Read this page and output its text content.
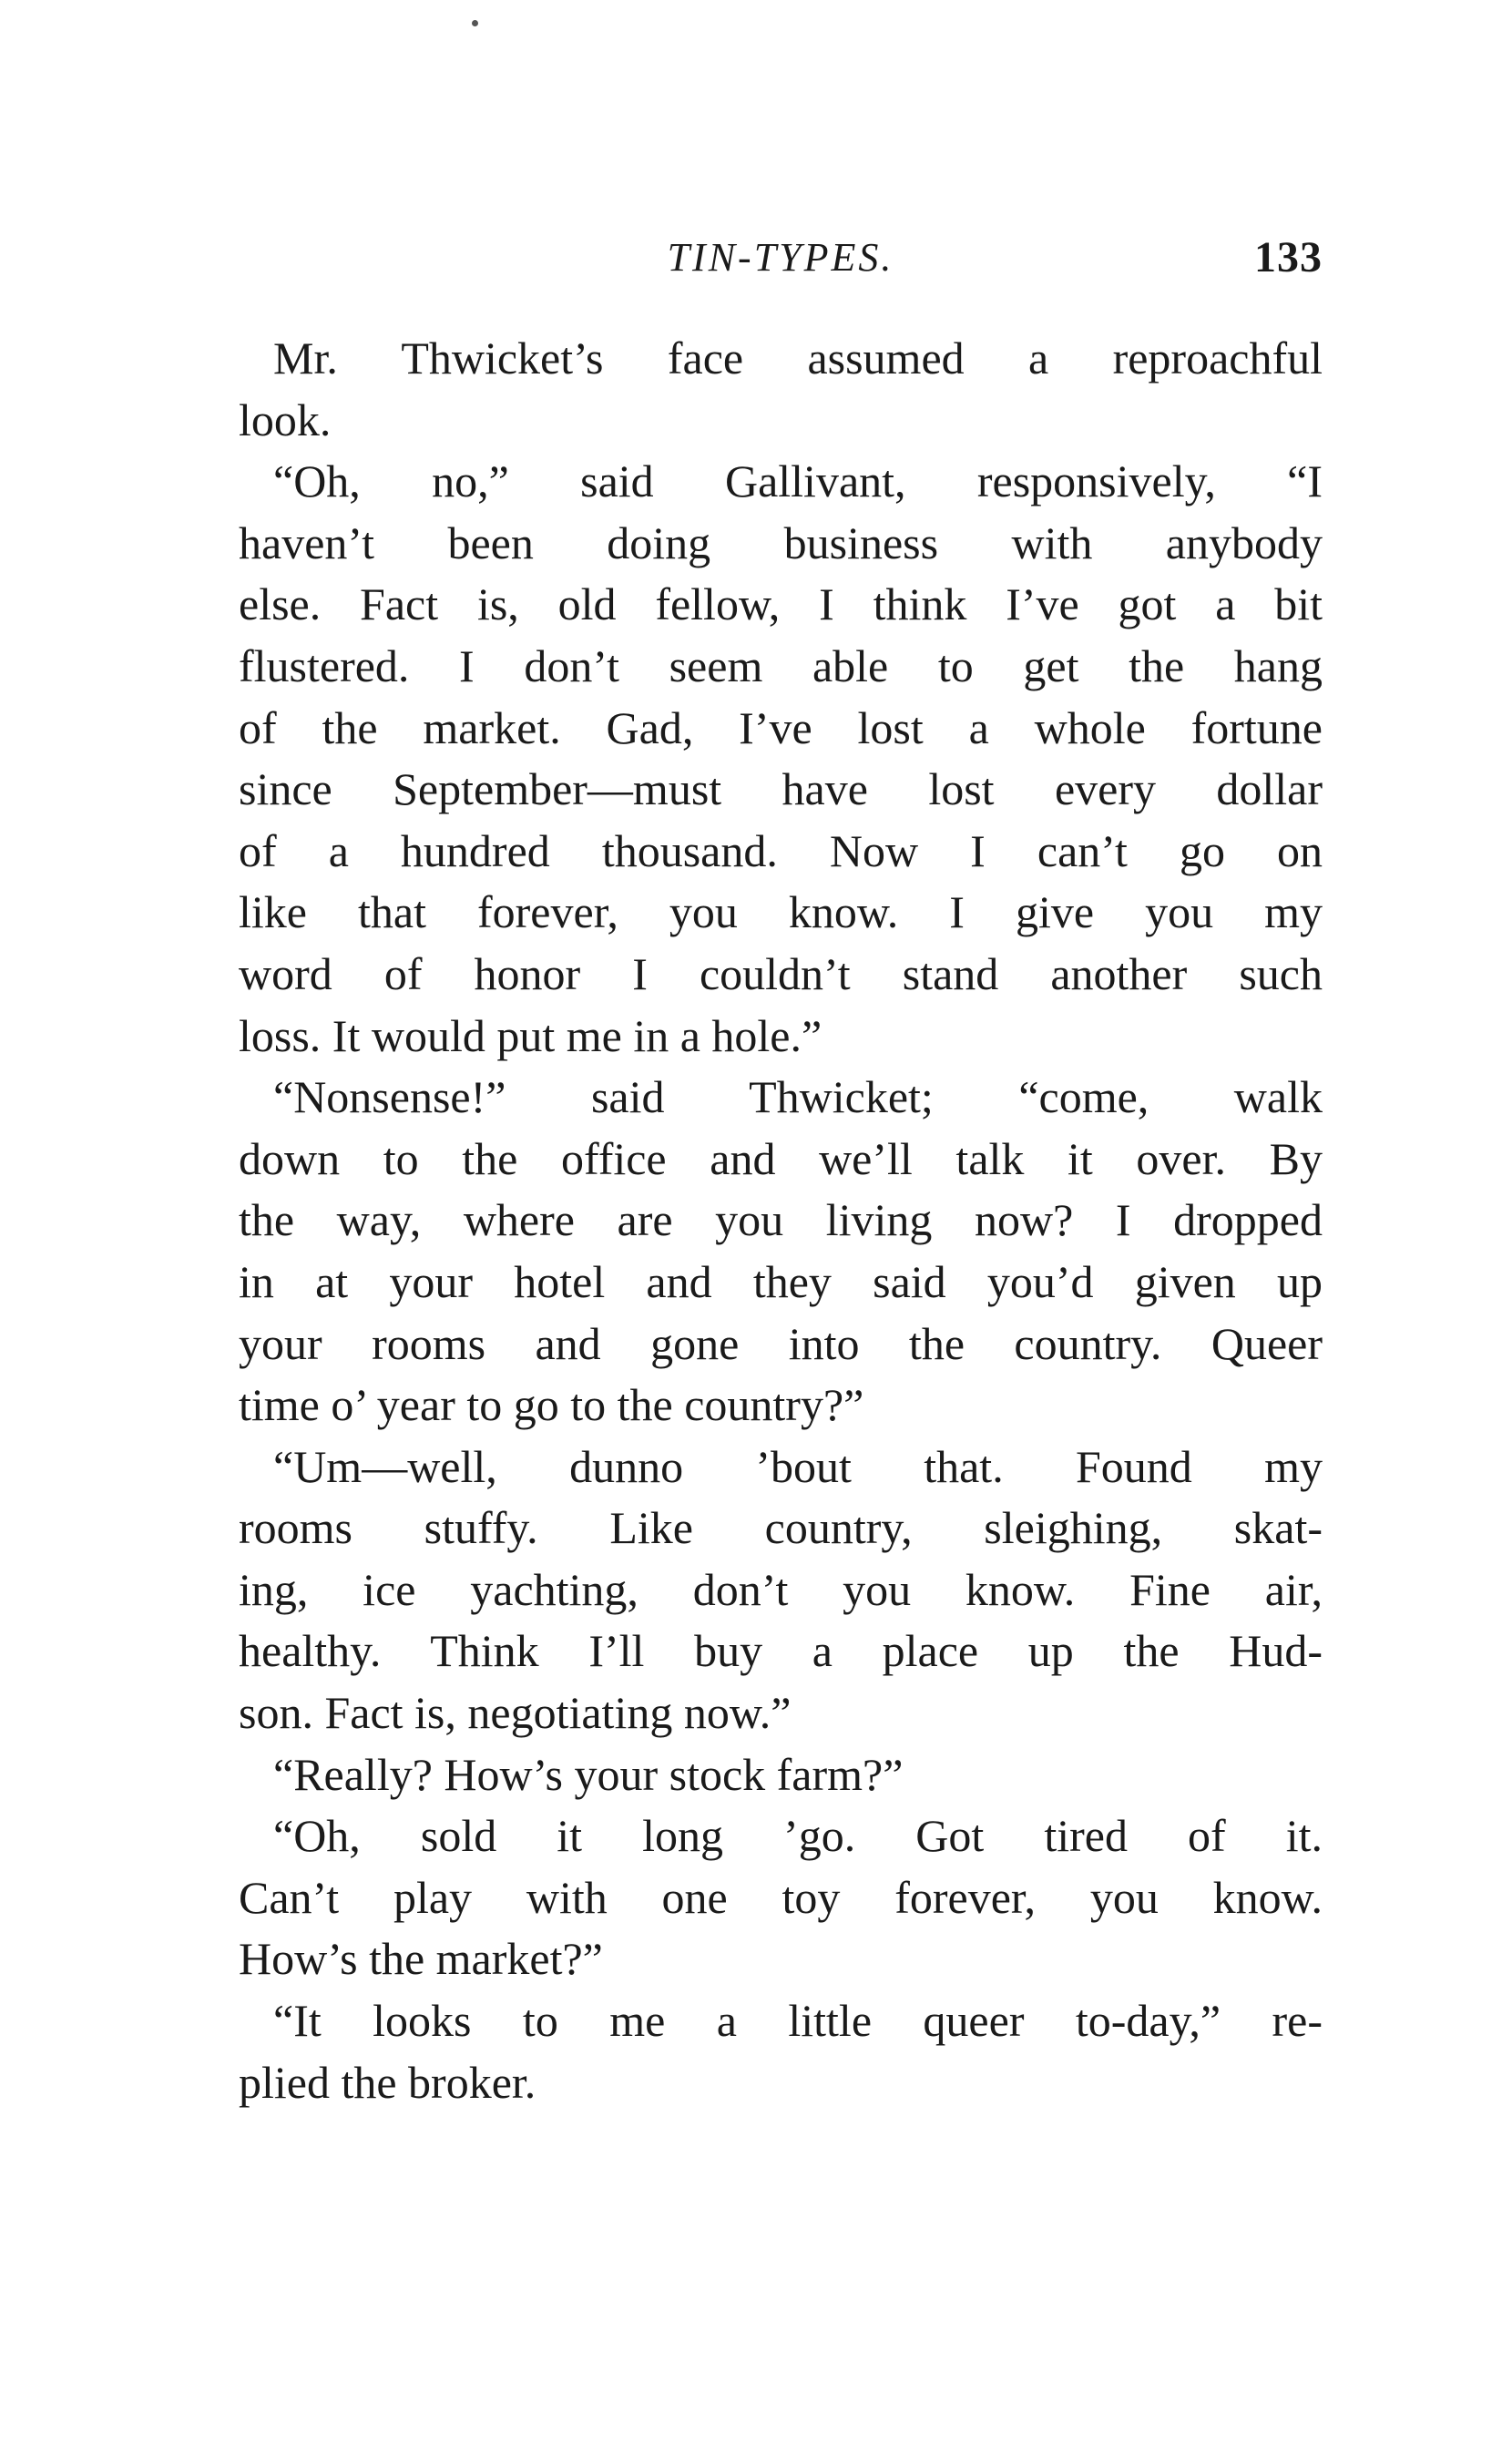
TIN-TYPES.	133
Mr. Thwicket’s face assumed a reproachful
look.
“Oh, no,” said Gallivant, responsively, “I
haven’t been doing business with anybody
else. Fact is, old fellow, I think I’ve got a bit
flustered. I don’t seem able to get the hang
of the market. Gad, I’ve lost a whole fortune
since September—must have lost every dollar
of a hundred thousand. Now I can’t go on
like that forever, you know. I give you my
word of honor I couldn’t stand another such
loss. It would put me in a hole.”
“Nonsense!” said Thwicket; “come, walk
down to the office and we’ll talk it over. By
the way, where are you living now? I dropped
in at your hotel and they said you’d given up
your rooms and gone into the country. Queer
time o’ year to go to the country?”
“Um—well, dunno ’bout that. Found my
rooms stuffy. Like country, sleighing, skat-
ing, ice yachting, don’t you know. Fine air,
healthy. Think I’ll buy a place up the Hud-
son. Fact is, negotiating now.”
“Really? How’s your stock farm?”
“Oh, sold it long ’go. Got tired of it.
Can’t play with one toy forever, you know.
How’s the market?”
“It looks to me a little queer to-day,” re-
plied the broker.
